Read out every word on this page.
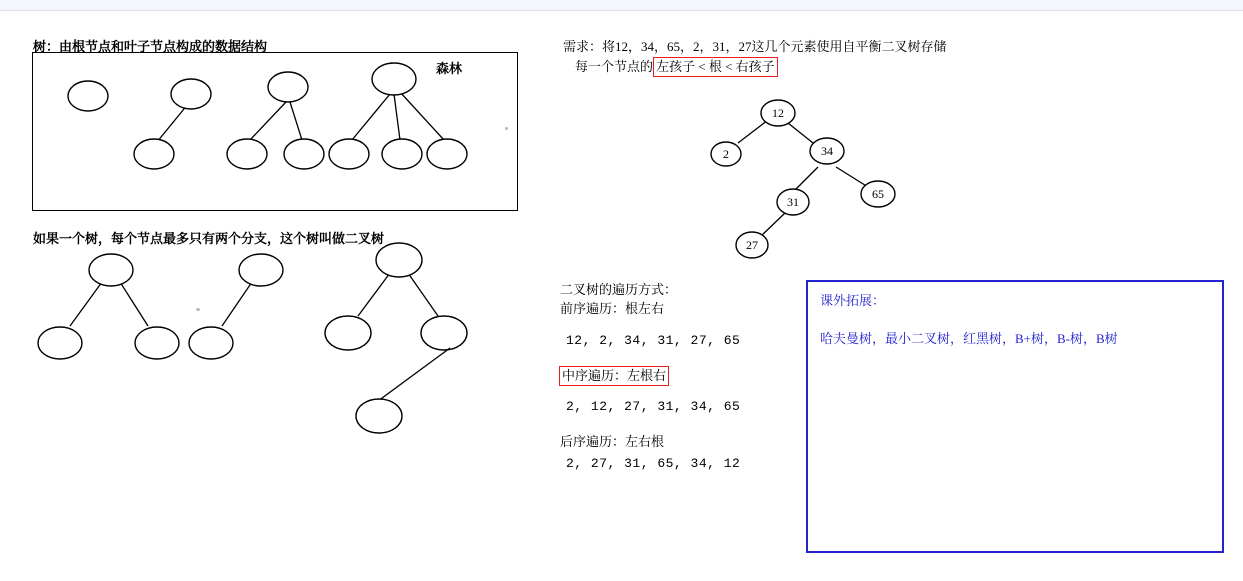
树：由根节点和叶子节点构成的数据结构
森林
如果一个树，每个节点最多只有两个分支，这个树叫做二叉树
需求：将12，34，65，2，31，27这几个元素使用自平衡二叉树存储
每一个节点的 左孩子 < 根 < 右孩子
12
2	34
31
65
27
二叉树的遍历方式：
前序遍历：根左右
12, 2, 34, 31, 27, 65
中序遍历：左根右
2, 12, 27, 31, 34, 65
后序遍历：左右根
2, 27, 31, 65, 34, 12
课外拓展：
哈夫曼树，最小二叉树，红黑树，B+树，B-树，B树
